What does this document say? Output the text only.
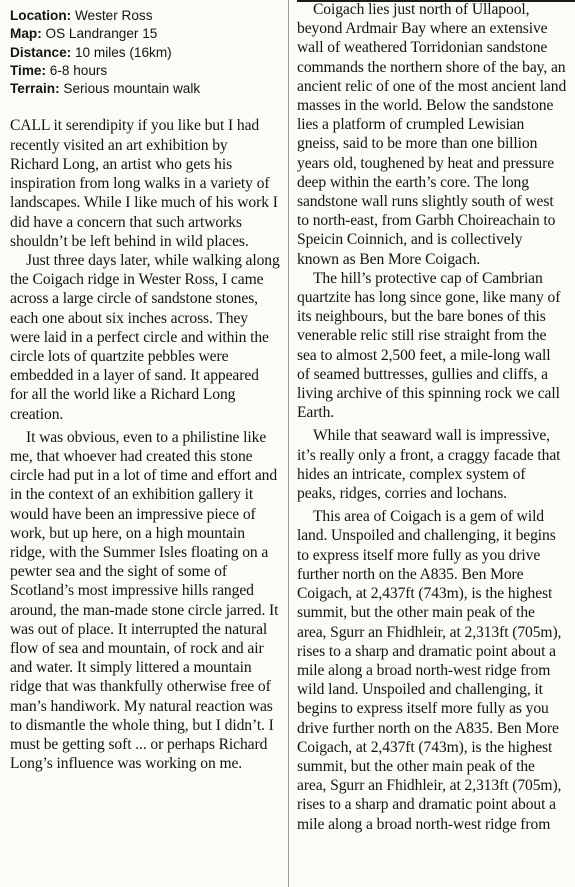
Location: Wester Ross
Map: OS Landranger 15
Distance: 10 miles (16km)
Time: 6-8 hours
Terrain: Serious mountain walk

CALL it serendipity if you like but I had recently visited an art exhibition by Richard Long, an artist who gets his inspiration from long walks in a variety of landscapes. While I like much of his work I did have a concern that such artworks shouldn’t be left behind in wild places.

Just three days later, while walking along the Coigach ridge in Wester Ross, I came across a large circle of sandstone stones, each one about six inches across. They were laid in a perfect circle and within the circle lots of quartzite pebbles were embedded in a layer of sand. It appeared for all the world like a Richard Long creation.

It was obvious, even to a philistine like me, that whoever had created this stone circle had put in a lot of time and effort and in the context of an exhibition gallery it would have been an impressive piece of work, but up here, on a high mountain ridge, with the Summer Isles floating on a pewter sea and the sight of some of Scotland’s most impressive hills ranged around, the man-made stone circle jarred. It was out of place. It interrupted the natural flow of sea and mountain, of rock and air and water. It simply littered a mountain ridge that was thankfully otherwise free of man’s handiwork. My natural reaction was to dismantle the whole thing, but I didn’t. I must be getting soft ... or perhaps Richard Long’s influence was working on me.

Coigach lies just north of Ullapool, beyond Ardmair Bay where an extensive wall of weathered Torridonian sandstone commands the northern shore of the bay, an ancient relic of one of the most ancient land masses in the world. Below the sandstone lies a platform of crumpled Lewisian gneiss, said to be more than one billion years old, toughened by heat and pressure deep within the earth’s core. The long sandstone wall runs slightly south of west to north-east, from Garbh Choireachain to Speicin Coinnich, and is collectively known as Ben More Coigach.

The hill’s protective cap of Cambrian quartzite has long since gone, like many of its neighbours, but the bare bones of this venerable relic still rise straight from the sea to almost 2,500 feet, a mile-long wall of seamed buttresses, gullies and cliffs, a living archive of this spinning rock we call Earth.

While that seaward wall is impressive, it’s really only a front, a craggy facade that hides an intricate, complex system of peaks, ridges, corries and lochans.

This area of Coigach is a gem of wild land. Unspoiled and challenging, it begins to express itself more fully as you drive further north on the A835. Ben More Coigach, at 2,437ft (743m), is the highest summit, but the other main peak of the area, Sgurr an Fhidhleir, at 2,313ft (705m), rises to a sharp and dramatic point about a mile along a broad north-west ridge from wild land. Unspoiled and challenging, it begins to express itself more fully as you drive further north on the A835. Ben More Coigach, at 2,437ft (743m), is the highest summit, but the other main peak of the area, Sgurr an Fhidhleir, at 2,313ft (705m), rises to a sharp and dramatic point about a mile along a broad north-west ridge from
